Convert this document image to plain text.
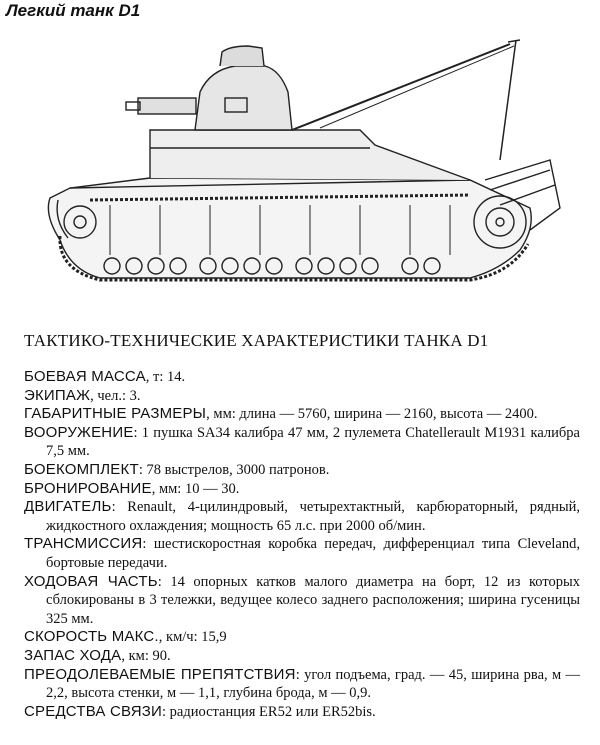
Легкий танк D1
ТАКТИКО-ТЕХНИЧЕСКИЕ ХАРАКТЕРИСТИКИ ТАНКА D1
БОЕВАЯ МАССА, т: 14.
ЭКИПАЖ, чел.: 3.
ГАБАРИТНЫЕ РАЗМЕРЫ, мм: длина — 5760, ширина — 2160, высота — 2400.
ВООРУЖЕНИЕ: 1 пушка SA34 калибра 47 мм, 2 пулемета Chatellerault M1931 калибра 7,5 мм.
БОЕКОМПЛЕКТ: 78 выстрелов, 3000 патронов.
БРОНИРОВАНИЕ, мм: 10 — 30.
ДВИГАТЕЛЬ: Renault, 4-цилиндровый, четырехтактный, карбюраторный, рядный, жидкостного охлаждения; мощность 65 л.с. при 2000 об/мин.
ТРАНСМИССИЯ: шестискоростная коробка передач, дифференциал типа Cleveland, бортовые передачи.
ХОДОВАЯ ЧАСТЬ: 14 опорных катков малого диаметра на борт, 12 из которых сблокированы в 3 тележки, ведущее колесо заднего расположения; ширина гусеницы 325 мм.
СКОРОСТЬ МАКС., км/ч: 15,9
ЗАПАС ХОДА, км: 90.
ПРЕОДОЛЕВАЕМЫЕ ПРЕПЯТСТВИЯ: угол подъема, град. — 45, ширина рва, м — 2,2, высота стенки, м — 1,1, глубина брода, м — 0,9.
СРЕДСТВА СВЯЗИ: радиостанция ER52 или ER52bis.
